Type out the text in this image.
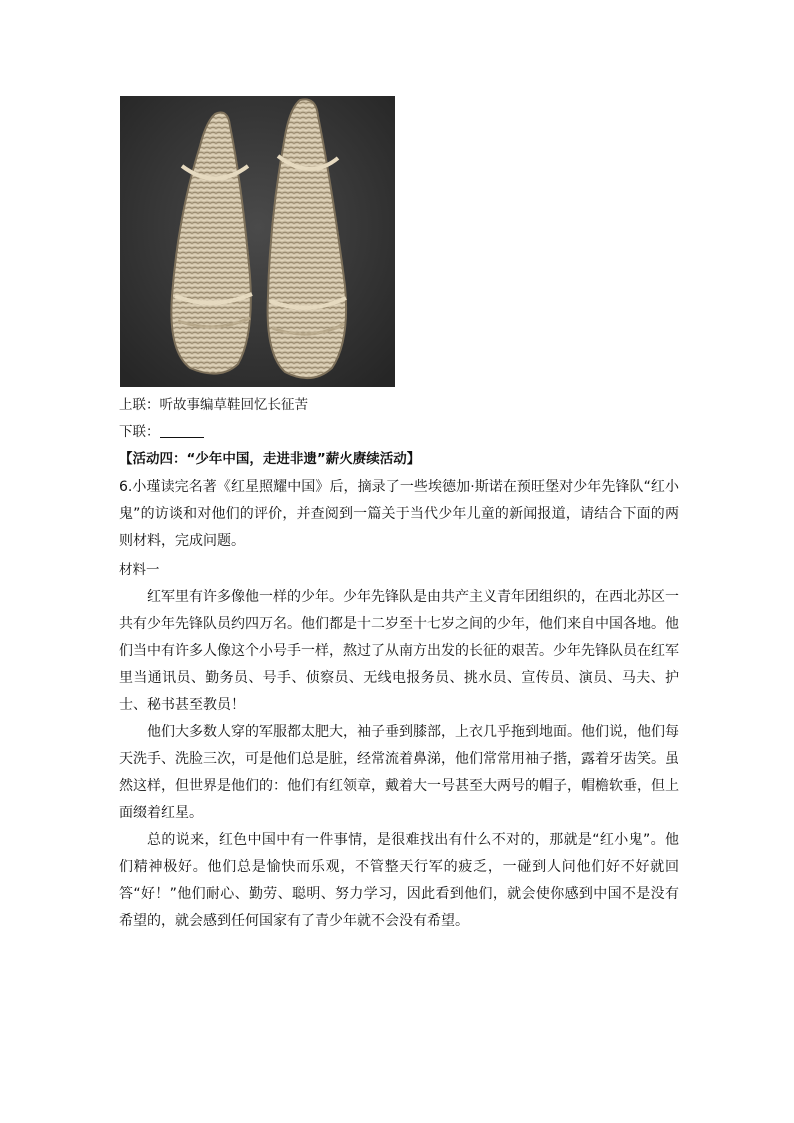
上联：听故事编草鞋回忆长征苦
下联：
【活动四：“少年中国，走进非遗”薪火赓续活动】

6.小瑾读完名著《红星照耀中国》后，摘录了一些埃德加·斯诺在预旺堡对少年先锋队“红小鬼”的访谈和对他们的评价，并查阅到一篇关于当代少年儿童的新闻报道，请结合下面的两则材料，完成问题。

材料一

红军里有许多像他一样的少年。少年先锋队是由共产主义青年团组织的，在西北苏区一共有少年先锋队员约四万名。他们都是十二岁至十七岁之间的少年，他们来自中国各地。他们当中有许多人像这个小号手一样，熬过了从南方出发的长征的艰苦。少年先锋队员在红军里当通讯员、勤务员、号手、侦察员、无线电报务员、挑水员、宣传员、演员、马夫、护士、秘书甚至教员！

他们大多数人穿的军服都太肥大，袖子垂到膝部，上衣几乎拖到地面。他们说，他们每天洗手、洗脸三次，可是他们总是脏，经常流着鼻涕，他们常常用袖子揩，露着牙齿笑。虽然这样，但世界是他们的：他们有红领章，戴着大一号甚至大两号的帽子，帽檐软垂，但上面缀着红星。

总的说来，红色中国中有一件事情，是很难找出有什么不对的，那就是“红小鬼”。他们精神极好。他们总是愉快而乐观，不管整天行军的疲乏，一碰到人问他们好不好就回答“好！”他们耐心、勤劳、聪明、努力学习，因此看到他们，就会使你感到中国不是没有希望的，就会感到任何国家有了青少年就不会没有希望。
